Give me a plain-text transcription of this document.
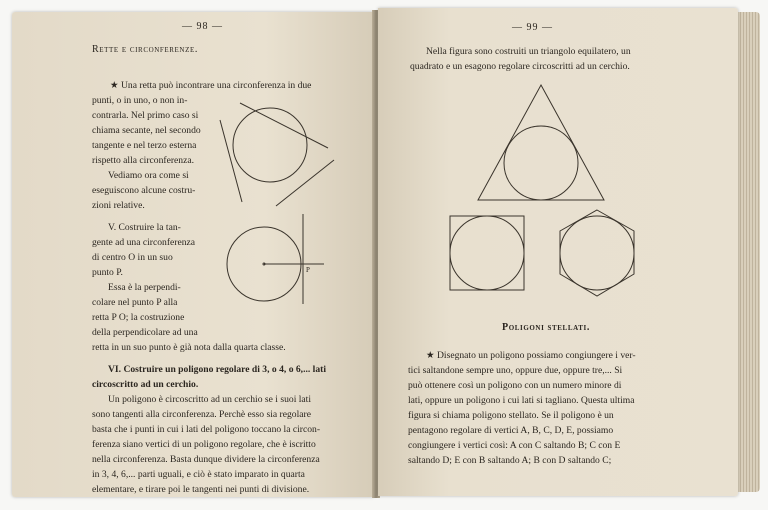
— 98 —
Rette e circonferenze.
★ Una retta può incontrare una circonferenza in due
punti, o in uno, o non in-
contrarla. Nel primo caso si
chiama secante, nel secondo
tangente e nel terzo esterna
rispetto alla circonferenza.
Vediamo ora come si
eseguiscono alcune costru-
zioni relative.
V. Costruire la tan-
gente ad una circonferenza
di centro O in un suo
punto P.
Essa è la perpendi-
colare nel punto P alla
retta P O; la costruzione
della perpendicolare ad una
retta in un suo punto è già nota dalla quarta classe.
VI. Costruire un poligono regolare di 3, o 4, o 6,... lati
circoscritto ad un cerchio.
Un poligono è circoscritto ad un cerchio se i suoi lati
sono tangenti alla circonferenza. Perchè esso sia regolare
basta che i punti in cui i lati del poligono toccano la circon-
ferenza siano vertici di un poligono regolare, che è iscritto
nella circonferenza. Basta dunque dividere la circonferenza
in 3, 4, 6,... parti uguali, e ciò è stato imparato in quarta
elementare, e tirare poi le tangenti nei punti di divisione.
P
— 99 —
Nella figura sono costruiti un triangolo equilatero, un
quadrato e un esagono regolare circoscritti ad un cerchio.
Poligoni stellati.
★ Disegnato un poligono possiamo congiungere i ver-
tici saltandone sempre uno, oppure due, oppure tre,... Si
può ottenere così un poligono con un numero minore di
lati, oppure un poligono i cui lati si tagliano. Questa ultima
figura si chiama poligono stellato. Se il poligono è un
pentagono regolare di vertici A, B, C, D, E, possiamo
congiungere i vertici così: A con C saltando B; C con E
saltando D; E con B saltando A; B con D saltando C;
